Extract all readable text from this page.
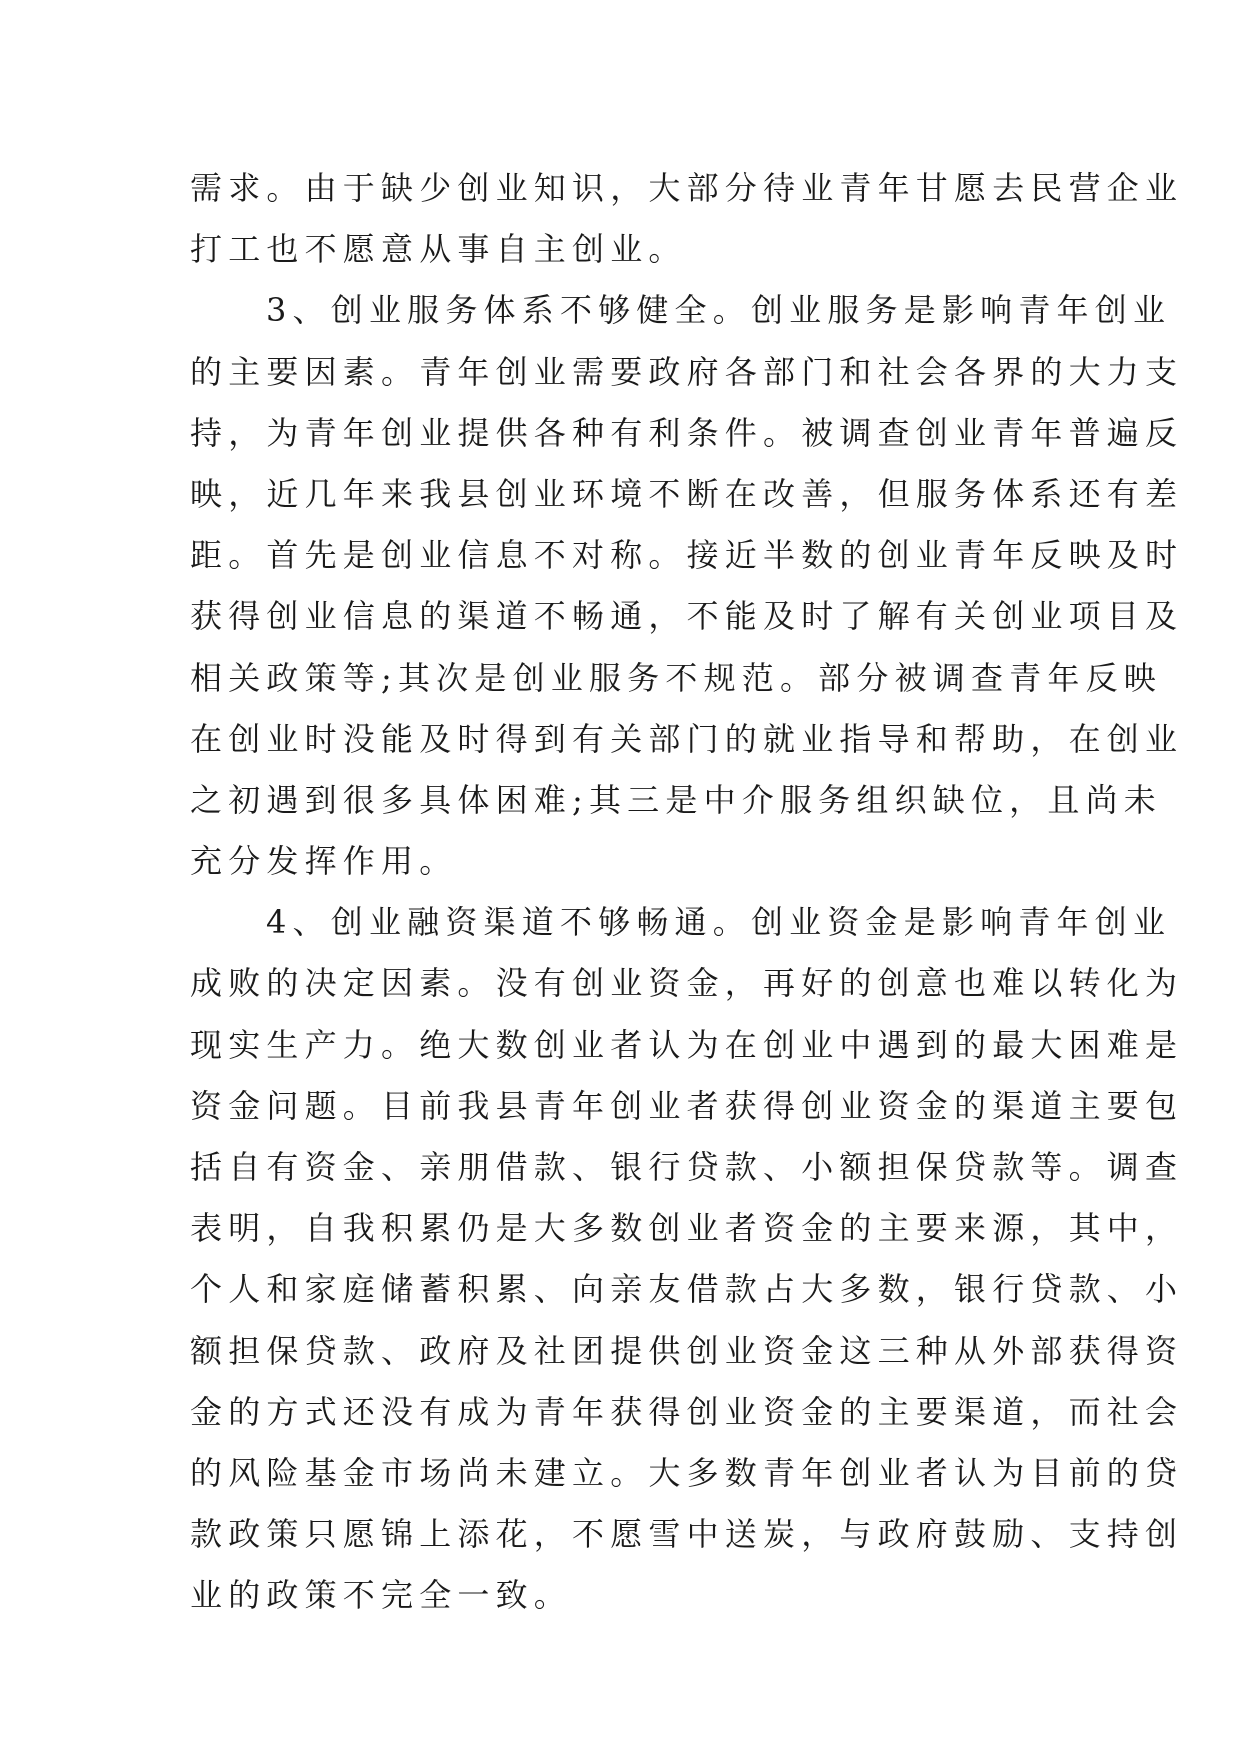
需求。由于缺少创业知识，大部分待业青年甘愿去民营企业
打工也不愿意从事自主创业。
3、创业服务体系不够健全。创业服务是影响青年创业
的主要因素。青年创业需要政府各部门和社会各界的大力支
持，为青年创业提供各种有利条件。被调查创业青年普遍反
映，近几年来我县创业环境不断在改善，但服务体系还有差
距。首先是创业信息不对称。接近半数的创业青年反映及时
获得创业信息的渠道不畅通，不能及时了解有关创业项目及
相关政策等;其次是创业服务不规范。部分被调查青年反映
在创业时没能及时得到有关部门的就业指导和帮助，在创业
之初遇到很多具体困难;其三是中介服务组织缺位，且尚未
充分发挥作用。
4、创业融资渠道不够畅通。创业资金是影响青年创业
成败的决定因素。没有创业资金，再好的创意也难以转化为
现实生产力。绝大数创业者认为在创业中遇到的最大困难是
资金问题。目前我县青年创业者获得创业资金的渠道主要包
括自有资金、亲朋借款、银行贷款、小额担保贷款等。调查
表明，自我积累仍是大多数创业者资金的主要来源，其中，
个人和家庭储蓄积累、向亲友借款占大多数，银行贷款、小
额担保贷款、政府及社团提供创业资金这三种从外部获得资
金的方式还没有成为青年获得创业资金的主要渠道，而社会
的风险基金市场尚未建立。大多数青年创业者认为目前的贷
款政策只愿锦上添花，不愿雪中送炭，与政府鼓励、支持创
业的政策不完全一致。
